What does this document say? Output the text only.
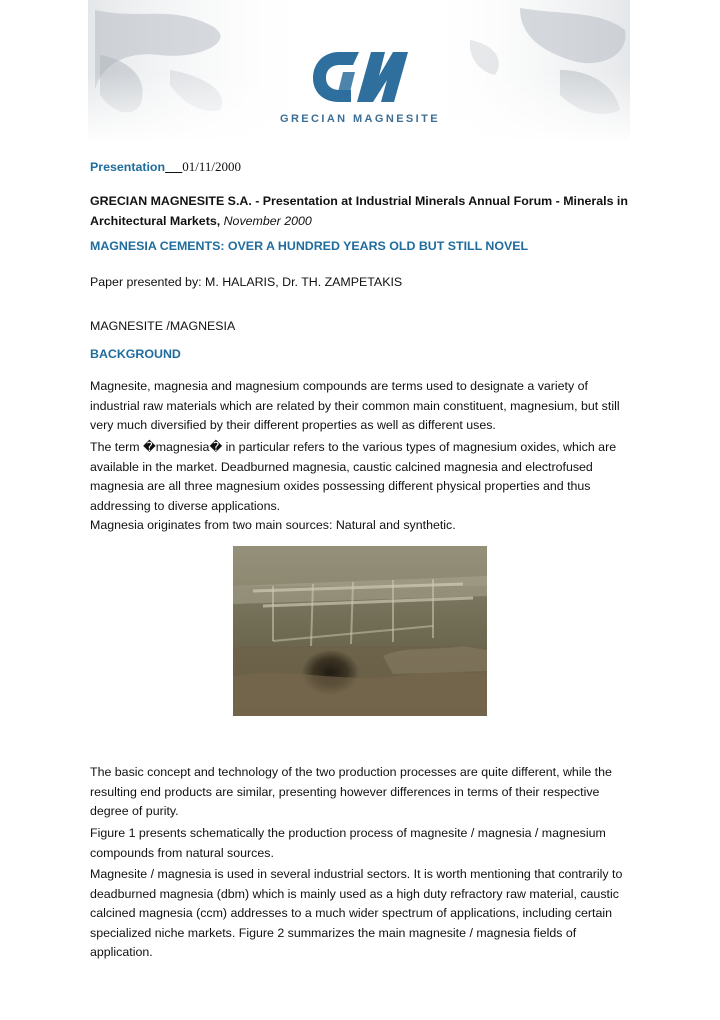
GRECIAN MAGNESITE

Presentation 01/11/2000

GRECIAN MAGNESITE S.A. - Presentation at Industrial Minerals Annual Forum - Minerals in Architectural Markets, November 2000

MAGNESIA CEMENTS: OVER A HUNDRED YEARS OLD BUT STILL NOVEL

Paper presented by: M. HALARIS, Dr. TH. ZAMPETAKIS

MAGNESITE /MAGNESIA

BACKGROUND

Magnesite, magnesia and magnesium compounds are terms used to designate a variety of industrial raw materials which are related by their common main constituent, magnesium, but still very much diversified by their different properties as well as different uses.

The term �magnesia� in particular refers to the various types of magnesium oxides, which are available in the market. Deadburned magnesia, caustic calcined magnesia and electrofused magnesia are all three magnesium oxides possessing different physical properties and thus addressing to diverse applications.

Magnesia originates from two main sources: Natural and synthetic.

The basic concept and technology of the two production processes are quite different, while the resulting end products are similar, presenting however differences in terms of their respective degree of purity.

Figure 1 presents schematically the production process of magnesite / magnesia / magnesium compounds from natural sources.

Magnesite / magnesia is used in several industrial sectors. It is worth mentioning that contrarily to deadburned magnesia (dbm) which is mainly used as a high duty refractory raw material, caustic calcined magnesia (ccm) addresses to a much wider spectrum of applications, including certain specialized niche markets. Figure 2 summarizes the main magnesite / magnesia fields of application.
